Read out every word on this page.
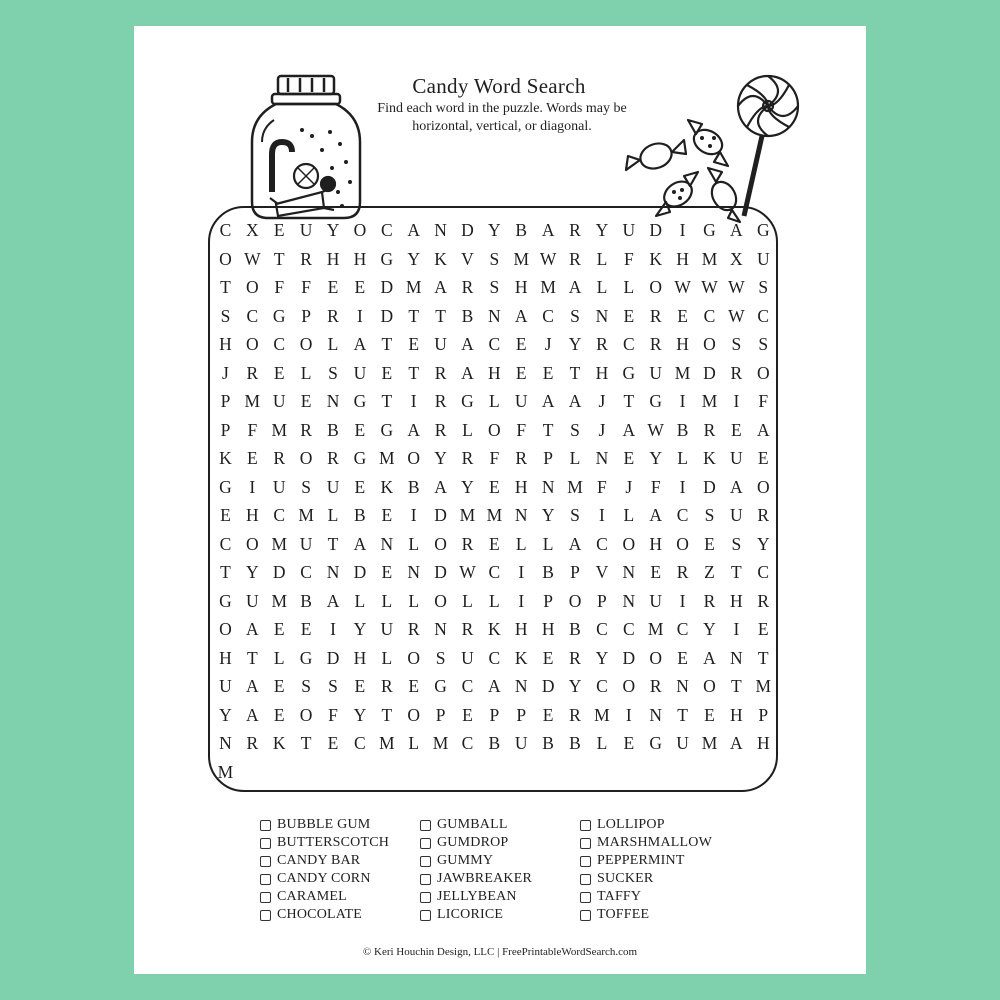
Candy Word Search
Find each word in the puzzle. Words may be horizontal, vertical, or diagonal.
C X E U Y O C A N D Y B A R Y U D	I	G A G
O W T R H H G Y K V S M W R L F K H M X U
T O F F E E D M A R S H M A L L O W W W S
S C G P R	I	D T T B N A C S N E R E C W C
H O C O L A T E U A C E	J Y R C R H O S S
J	R E L S U E T R A H E E T H G U M D R O
P M U E N G T	I	R G L U A A J	T G	I M I	F
P F M R B E G A R L O F T S	J A W B R E A
K E R O R G M O Y R F R P L N E Y L K U E
G	I	U S U E K B A Y E H N M F	J	F	I	D A O
E H C M L B E	I	D M M N Y S	I	L A C S U R
C O M U T A N L O R E L L A C O H O E S Y
T Y D C N D E N D W C	I	B P V N E R Z T C
G U M B A L L L O L L	I	P O P N U	I	R H R
O A E E	I	Y U R N R K H H B C C M C Y	I	E
H T L G D H L O S U C K E R Y D O E A N T
U A E S S E R E G C A N D Y C O R N O T M
Y A E O F Y T O P E P P E R M I	N T E H P
N R K T E C M L M C B U B B L E G U M A H
M
BUBBLE GUM
BUTTERSCOTCH
CANDY BAR
CANDY CORN
CARAMEL
CHOCOLATE
GUMBALL
GUMDROP
GUMMY
JAWBREAKER
JELLYBEAN
LICORICE
LOLLIPOP
MARSHMALLOW
PEPPERMINT
SUCKER
TAFFY
TOFFEE
© Keri Houchin Design, LLC | FreePrintableWordSearch.com
